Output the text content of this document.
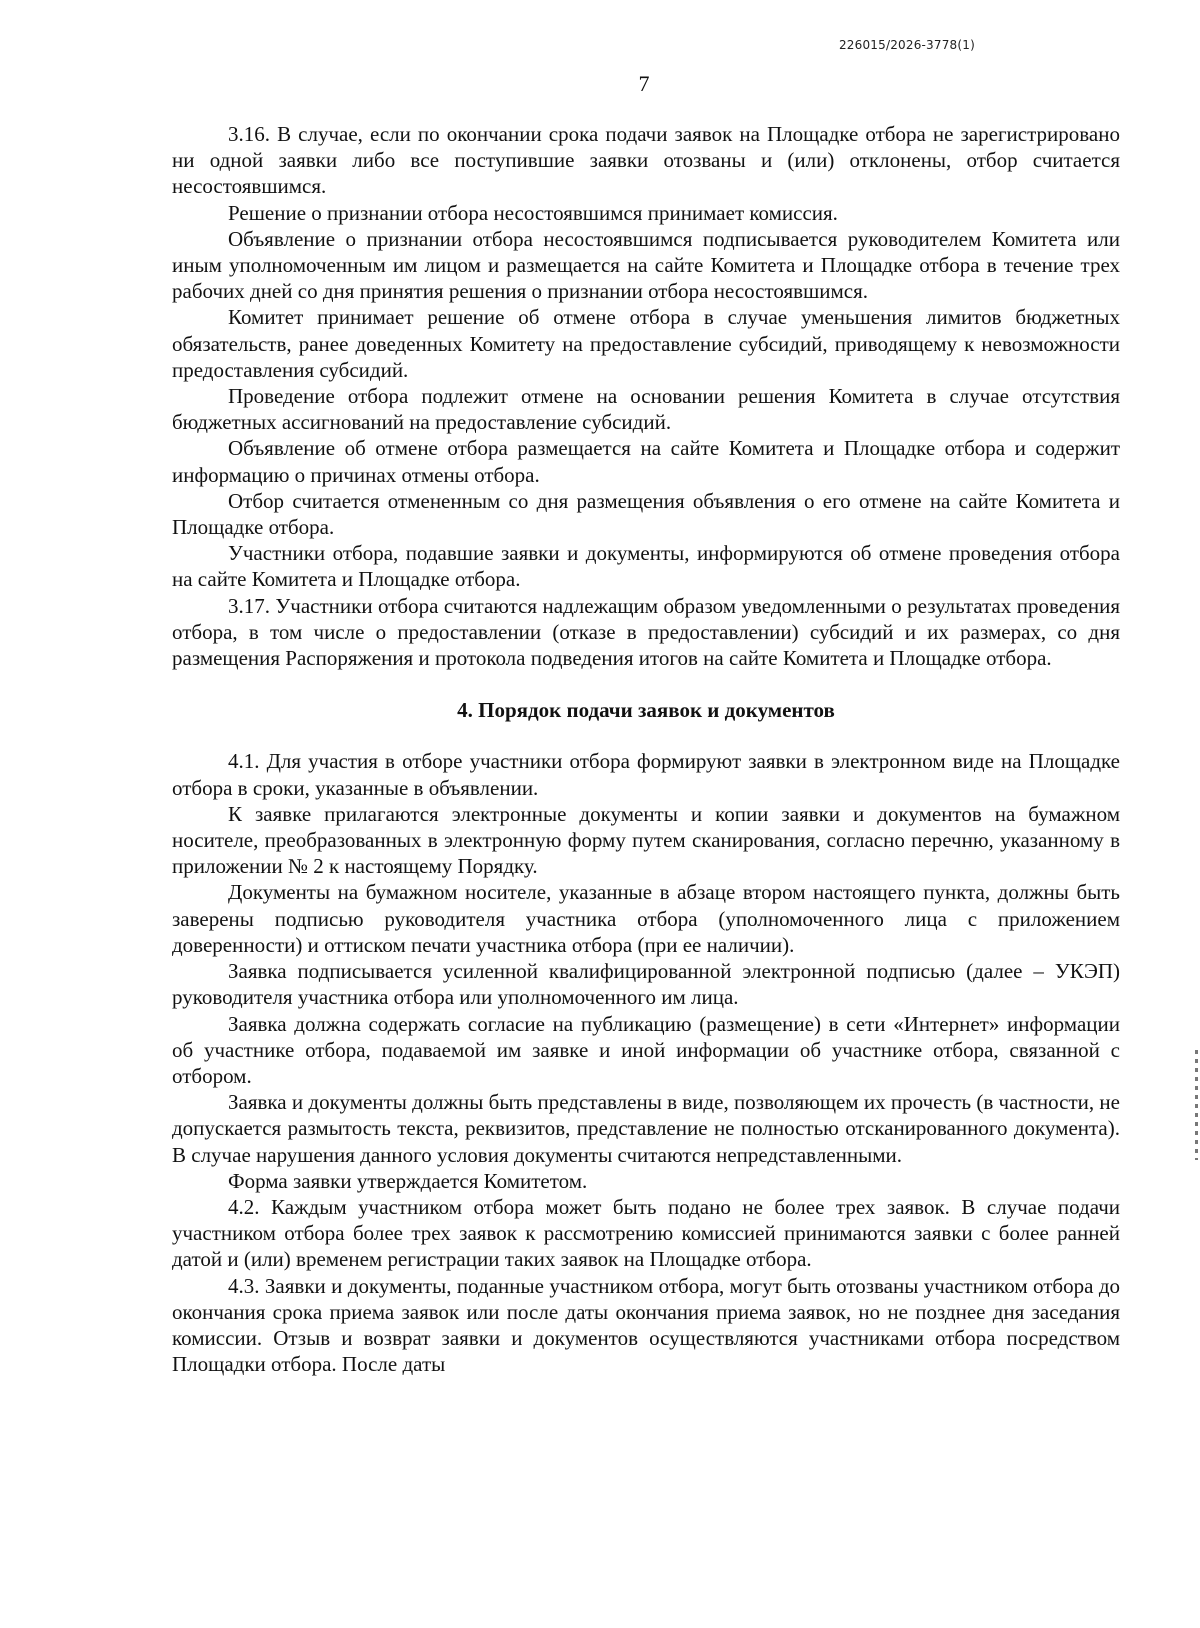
226015/2026-3778(1)
7

3.16. В случае, если по окончании срока подачи заявок на Площадке отбора не зарегистрировано ни одной заявки либо все поступившие заявки отозваны и (или) отклонены, отбор считается несостоявшимся.

Решение о признании отбора несостоявшимся принимает комиссия.

Объявление о признании отбора несостоявшимся подписывается руководителем Комитета или иным уполномоченным им лицом и размещается на сайте Комитета и Площадке отбора в течение трех рабочих дней со дня принятия решения о признании отбора несостоявшимся.

Комитет принимает решение об отмене отбора в случае уменьшения лимитов бюджетных обязательств, ранее доведенных Комитету на предоставление субсидий, приводящему к невозможности предоставления субсидий.

Проведение отбора подлежит отмене на основании решения Комитета в случае отсутствия бюджетных ассигнований на предоставление субсидий.

Объявление об отмене отбора размещается на сайте Комитета и Площадке отбора и содержит информацию о причинах отмены отбора.

Отбор считается отмененным со дня размещения объявления о его отмене на сайте Комитета и Площадке отбора.

Участники отбора, подавшие заявки и документы, информируются об отмене проведения отбора на сайте Комитета и Площадке отбора.

3.17. Участники отбора считаются надлежащим образом уведомленными о результатах проведения отбора, в том числе о предоставлении (отказе в предоставлении) субсидий и их размерах, со дня размещения Распоряжения и протокола подведения итогов на сайте Комитета и Площадке отбора.

4. Порядок подачи заявок и документов

4.1. Для участия в отборе участники отбора формируют заявки в электронном виде на Площадке отбора в сроки, указанные в объявлении.

К заявке прилагаются электронные документы и копии заявки и документов на бумажном носителе, преобразованных в электронную форму путем сканирования, согласно перечню, указанному в приложении № 2 к настоящему Порядку.

Документы на бумажном носителе, указанные в абзаце втором настоящего пункта, должны быть заверены подписью руководителя участника отбора (уполномоченного лица с приложением доверенности) и оттиском печати участника отбора (при ее наличии).

Заявка подписывается усиленной квалифицированной электронной подписью (далее – УКЭП) руководителя участника отбора или уполномоченного им лица.

Заявка должна содержать согласие на публикацию (размещение) в сети «Интернет» информации об участнике отбора, подаваемой им заявке и иной информации об участнике отбора, связанной с отбором.

Заявка и документы должны быть представлены в виде, позволяющем их прочесть (в частности, не допускается размытость текста, реквизитов, представление не полностью отсканированного документа). В случае нарушения данного условия документы считаются непредставленными.

Форма заявки утверждается Комитетом.

4.2. Каждым участником отбора может быть подано не более трех заявок. В случае подачи участником отбора более трех заявок к рассмотрению комиссией принимаются заявки с более ранней датой и (или) временем регистрации таких заявок на Площадке отбора.

4.3. Заявки и документы, поданные участником отбора, могут быть отозваны участником отбора до окончания срока приема заявок или после даты окончания приема заявок, но не позднее дня заседания комиссии. Отзыв и возврат заявки и документов осуществляются участниками отбора посредством Площадки отбора. После даты
